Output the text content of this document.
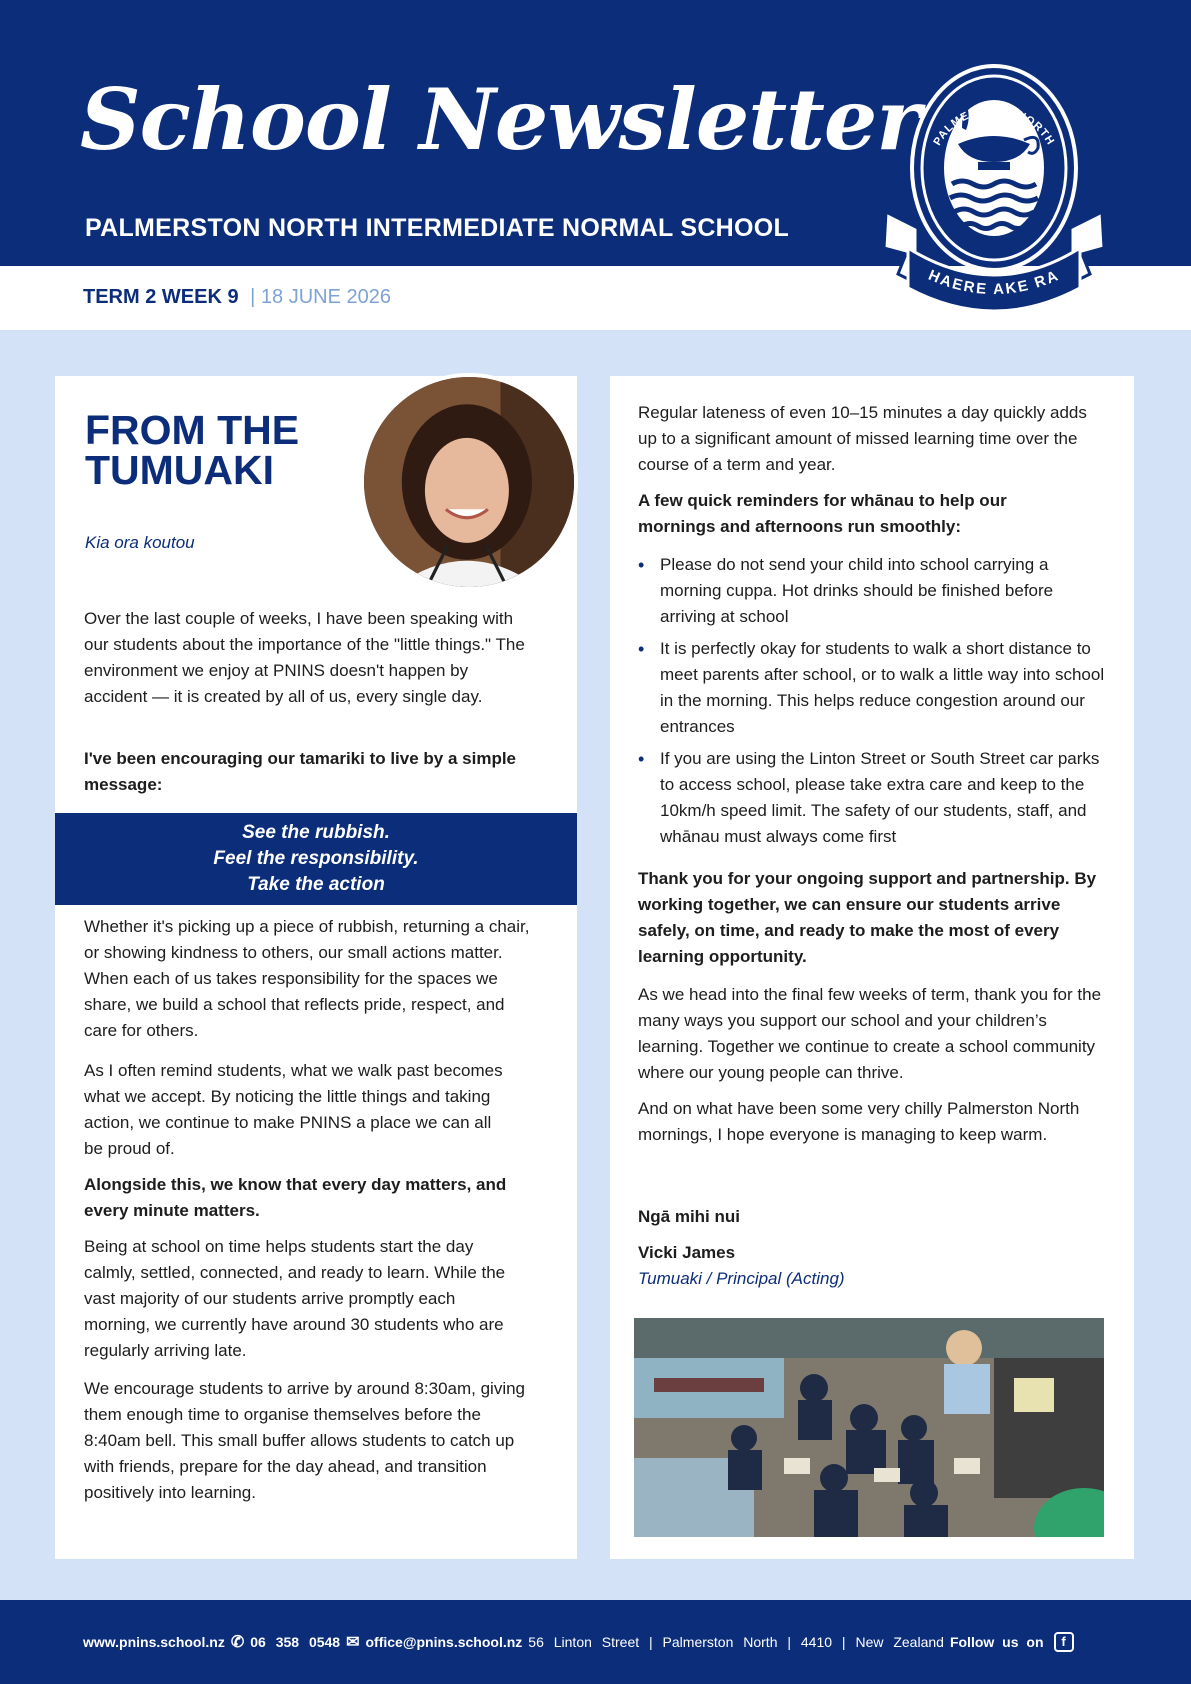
School Newsletter
PALMERSTON NORTH INTERMEDIATE NORMAL SCHOOL
TERM 2 WEEK 9 | 18 JUNE 2026
PALMERSTON NORTH
HAERE AKE RA
FROM THE TUMUAKI
Kia ora koutou
Over the last couple of weeks, I have been speaking with our students about the importance of the "little things." The environment we enjoy at PNINS doesn't happen by accident — it is created by all of us, every single day.
I've been encouraging our tamariki to live by a simple message:
See the rubbish.
Feel the responsibility.
Take the action
Whether it's picking up a piece of rubbish, returning a chair, or showing kindness to others, our small actions matter. When each of us takes responsibility for the spaces we share, we build a school that reflects pride, respect, and care for others.
As I often remind students, what we walk past becomes what we accept. By noticing the little things and taking action, we continue to make PNINS a place we can all be proud of.
Alongside this, we know that every day matters, and every minute matters.
Being at school on time helps students start the day calmly, settled, connected, and ready to learn. While the vast majority of our students arrive promptly each morning, we currently have around 30 students who are regularly arriving late.
We encourage students to arrive by around 8:30am, giving them enough time to organise themselves before the 8:40am bell. This small buffer allows students to catch up with friends, prepare for the day ahead, and transition positively into learning.
Regular lateness of even 10–15 minutes a day quickly adds up to a significant amount of missed learning time over the course of a term and year.
A few quick reminders for whānau to help our mornings and afternoons run smoothly:
• Please do not send your child into school carrying a morning cuppa. Hot drinks should be finished before arriving at school
• It is perfectly okay for students to walk a short distance to meet parents after school, or to walk a little way into school in the morning. This helps reduce congestion around our entrances
• If you are using the Linton Street or South Street car parks to access school, please take extra care and keep to the 10km/h speed limit. The safety of our students, staff, and whānau must always come first
Thank you for your ongoing support and partnership. By working together, we can ensure our students arrive safely, on time, and ready to make the most of every learning opportunity.
As we head into the final few weeks of term, thank you for the many ways you support our school and your children’s learning. Together we continue to create a school community where our young people can thrive.
And on what have been some very chilly Palmerston North mornings, I hope everyone is managing to keep warm.
Ngā mihi nui
Vicki James
Tumuaki / Principal (Acting)
www.pnins.school.nz ✆ 06 358 0548 ✉ office@pnins.school.nz 56 Linton Street | Palmerston North | 4410 | New Zealand Follow us on	f
